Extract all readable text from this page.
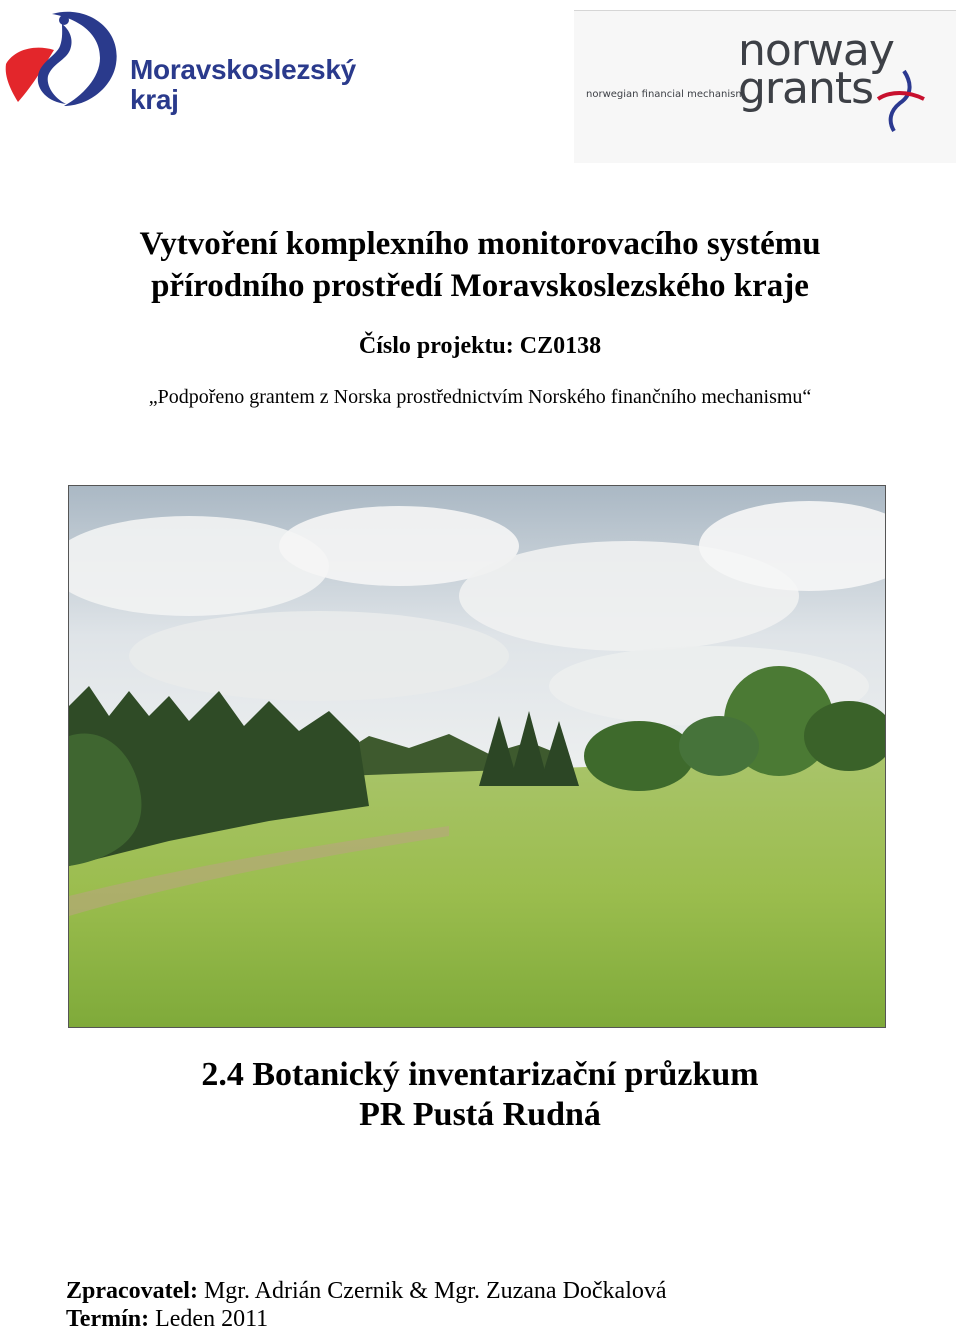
Moravskoslezský
kraj
norway
grants
norwegian financial mechanism
Vytvoření komplexního monitorovacího systému
přírodního prostředí Moravskoslezského kraje
Číslo projektu: CZ0138
„Podpořeno grantem z Norska prostřednictvím Norského finančního mechanismu“
2.4 Botanický inventarizační průzkum
PR Pustá Rudná
Zpracovatel: Mgr. Adrián Czernik & Mgr. Zuzana Dočkalová
Termín: Leden 2011
